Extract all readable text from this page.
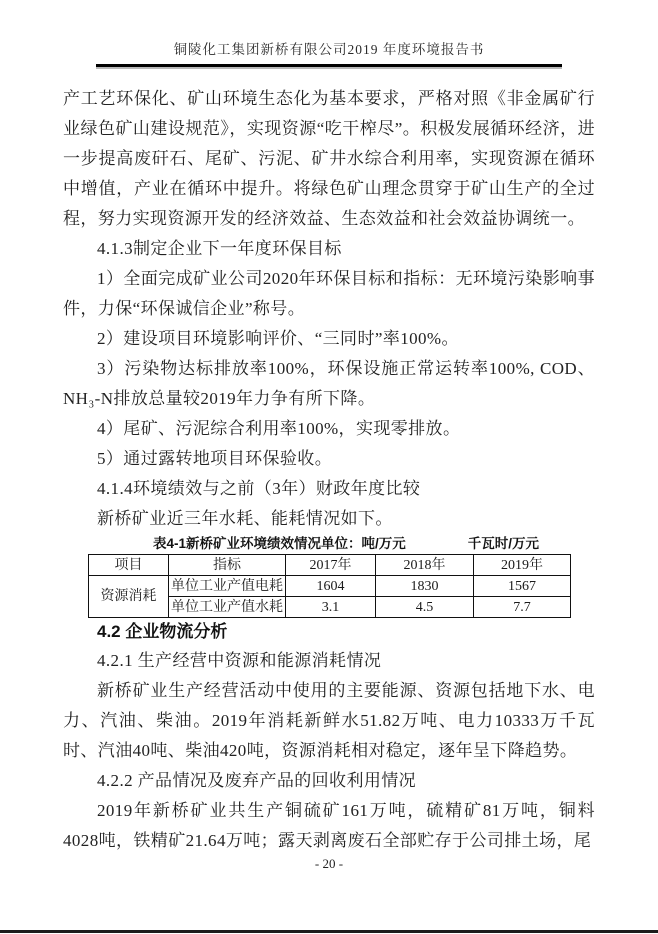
铜陵化工集团新桥有限公司2019 年度环境报告书

产工艺环保化、矿山环境生态化为基本要求，严格对照《非金属矿行业绿色矿山建设规范》，实现资源“吃干榨尽”。积极发展循环经济，进一步提高废矸石、尾矿、污泥、矿井水综合利用率，实现资源在循环中增值，产业在循环中提升。将绿色矿山理念贯穿于矿山生产的全过程，努力实现资源开发的经济效益、生态效益和社会效益协调统一。

4.1.3制定企业下一年度环保目标

1）全面完成矿业公司2020年环保目标和指标：无环境污染影响事件，力保“环保诚信企业”称号。

2）建设项目环境影响评价、“三同时”率100%。

3）污染物达标排放率100%，环保设施正常运转率100%, COD、NH₃-N排放总量较2019年力争有所下降。

4）尾矿、污泥综合利用率100%，实现零排放。

5）通过露转地项目环保验收。

4.1.4环境绩效与之前（3年）财政年度比较

新桥矿业近三年水耗、能耗情况如下。

表4-1新桥矿业环境绩效情况单位：吨/万元	千瓦时/万元
项目	指标	2017年	2018年	2019年
资源消耗	单位工业产值电耗	1604	1830	1567
	单位工业产值水耗	3.1	4.5	7.7

4.2 企业物流分析

4.2.1 生产经营中资源和能源消耗情况

新桥矿业生产经营活动中使用的主要能源、资源包括地下水、电力、汽油、柴油。2019年消耗新鲜水51.82万吨、电力10333万千瓦时、汽油40吨、柴油420吨，资源消耗相对稳定，逐年呈下降趋势。

4.2.2 产品情况及废弃产品的回收利用情况

2019年新桥矿业共生产铜硫矿161万吨，硫精矿81万吨，铜料4028吨，铁精矿21.64万吨；露天剥离废石全部贮存于公司排土场，尾

- 20 -
